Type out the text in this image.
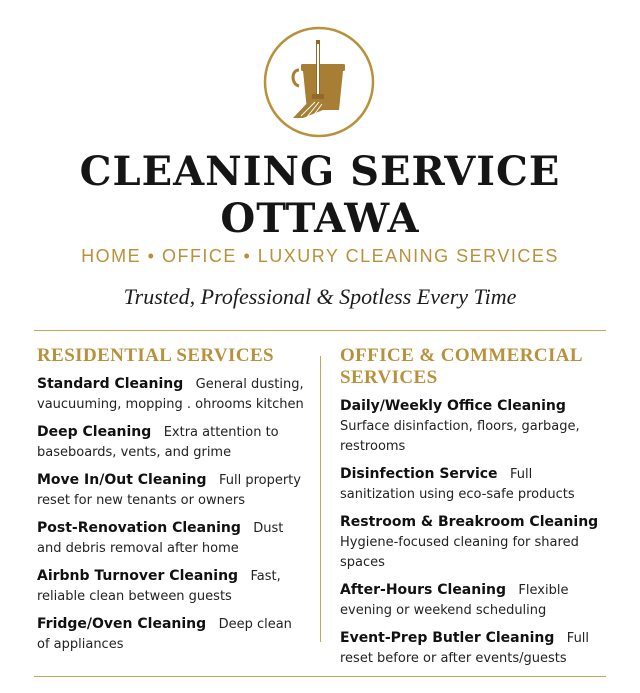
CLEANING SERVICE
OTTAWA
HOME • OFFICE • LUXURY CLEANING SERVICES
Trusted, Professional & Spotless Every Time
RESIDENTIAL SERVICES
Standard Cleaning General dusting, vaucuuming, mopping . ohrooms kitchen
Deep Cleaning Extra attention to baseboards, vents, and grime
Move In/Out Cleaning Full property reset for new tenants or owners
Post-Renovation Cleaning Dust and debris removal after home
Airbnb Turnover Cleaning Fast, reliable clean between guests
Fridge/Oven Cleaning Deep clean of appliances
OFFICE & COMMERCIAL SERVICES
Daily/Weekly Office Cleaning
Surface disinfaction, floors, garbage, restrooms
Disinfection Service Full sanitization using eco-safe products
Restroom & Breakroom Cleaning
Hygiene-focused cleaning for shared spaces
After-Hours Cleaning Flexible evening or weekend scheduling
Event-Prep Butler Cleaning Full reset before or after events/guests
